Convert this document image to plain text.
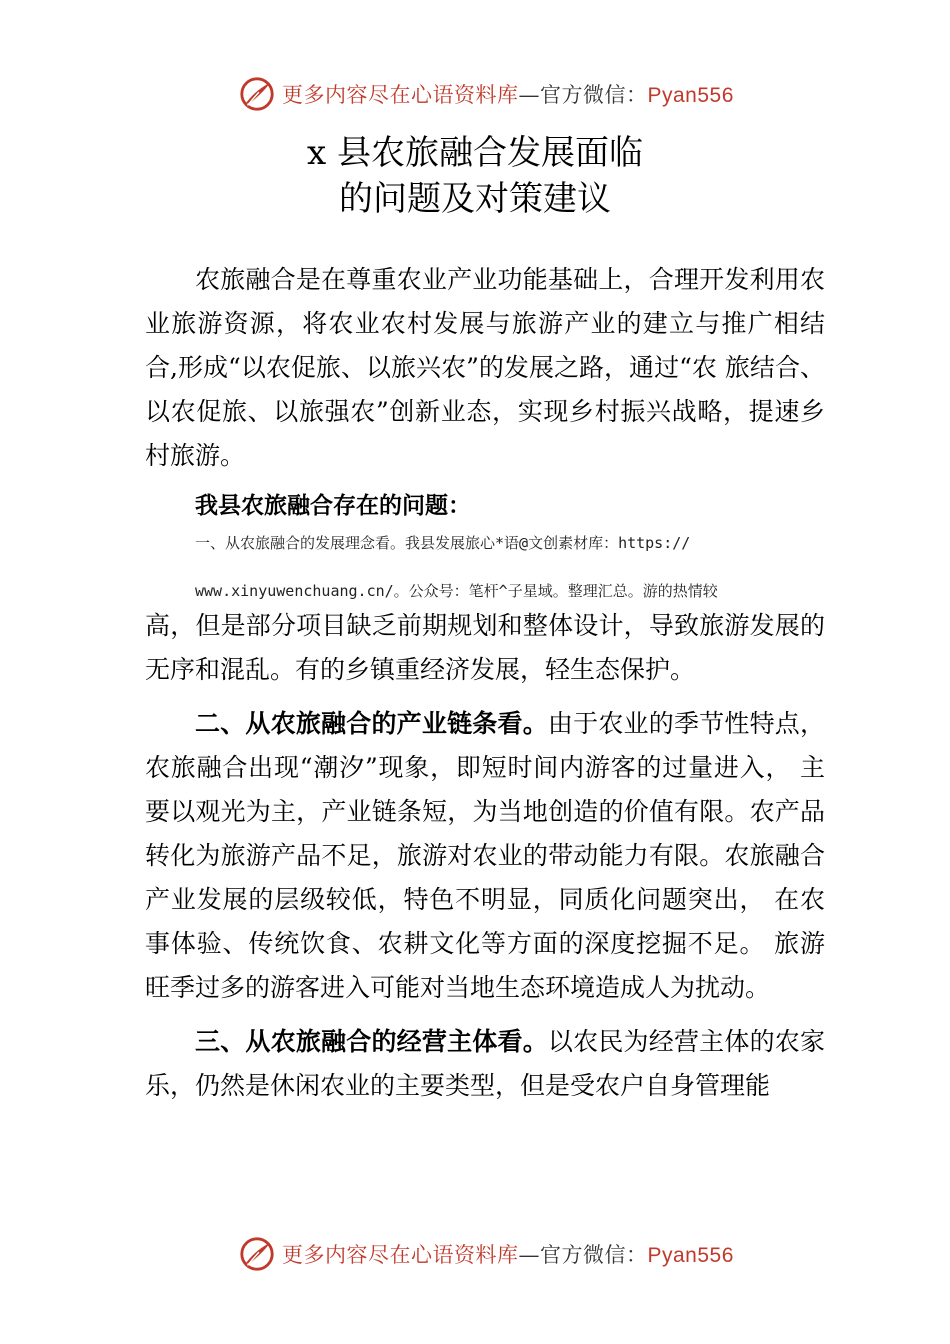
更多内容尽在心语资料库—官方微信：Pyan556
x 县农旅融合发展面临
的问题及对策建议

农旅融合是在尊重农业产业功能基础上，合理开发利用农业旅游资源，将农业农村发展与旅游产业的建立与推广相结合,形成“以农促旅、以旅兴农”的发展之路，通过“农 旅结合、以农促旅、以旅强农”创新业态，实现乡村振兴战略，提速乡村旅游。

我县农旅融合存在的问题：

一、从农旅融合的发展理念看。我县发展旅心*语@文创素材库：https://

www.xinyuwenchuang.cn/。公众号：笔杆^子星域。整理汇总。游的热情较

高，但是部分项目缺乏前期规划和整体设计，导致旅游发展的无序和混乱。有的乡镇重经济发展，轻生态保护。

二、从农旅融合的产业链条看。由于农业的季节性特点，农旅融合出现“潮汐”现象，即短时间内游客的过量进入， 主要以观光为主，产业链条短，为当地创造的价值有限。农产品转化为旅游产品不足，旅游对农业的带动能力有限。农旅融合产业发展的层级较低，特色不明显，同质化问题突出， 在农事体验、传统饮食、农耕文化等方面的深度挖掘不足。 旅游旺季过多的游客进入可能对当地生态环境造成人为扰动。

三、从农旅融合的经营主体看。以农民为经营主体的农家乐，仍然是休闲农业的主要类型，但是受农户自身管理能

更多内容尽在心语资料库—官方微信：Pyan556
